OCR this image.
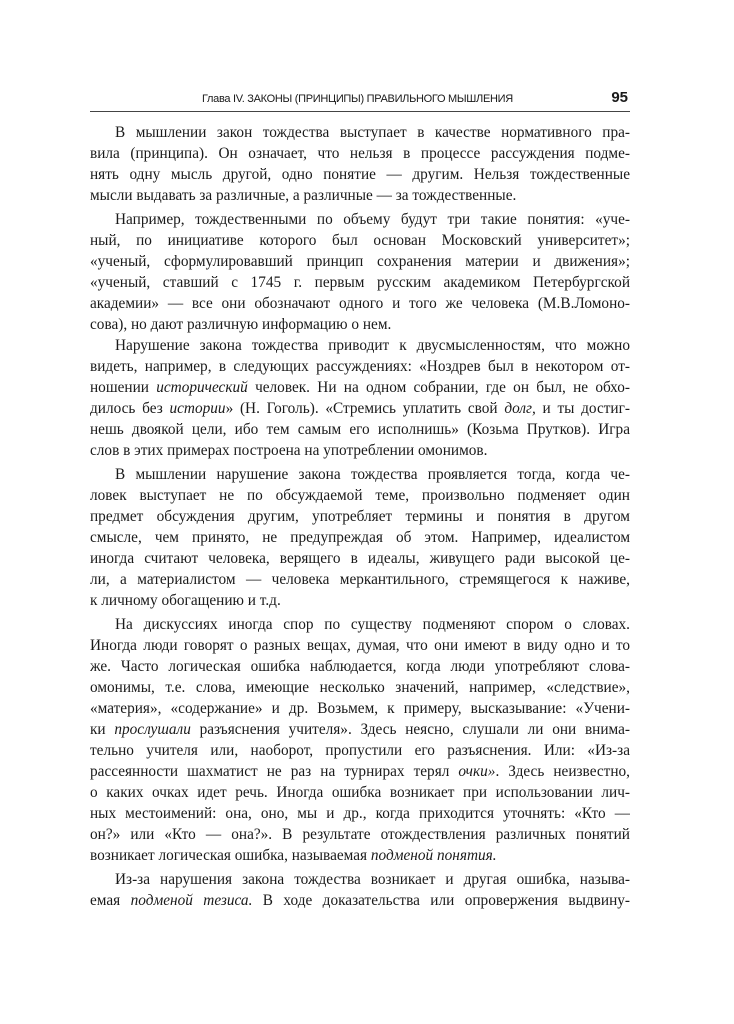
Глава IV. ЗАКОНЫ (ПРИНЦИПЫ) ПРАВИЛЬНОГО МЫШЛЕНИЯ	95
В мышлении закон тождества выступает в качестве нормативного пра-
вила (принципа). Он означает, что нельзя в процессе рассуждения подме-
нять одну мысль другой, одно понятие — другим. Нельзя тождественные
мысли выдавать за различные, а различные — за тождественные.
Например, тождественными по объему будут три такие понятия: «уче-
ный, по инициативе которого был основан Московский университет»;
«ученый, сформулировавший принцип сохранения материи и движения»;
«ученый, ставший с 1745 г. первым русским академиком Петербургской
академии» — все они обозначают одного и того же человека (М.В.Ломоно-
сова), но дают различную информацию о нем.
Нарушение закона тождества приводит к двусмысленностям, что можно
видеть, например, в следующих рассуждениях: «Ноздрев был в некотором от-
ношении исторический человек. Ни на одном собрании, где он был, не обхо-
дилось без истории» (Н. Гоголь). «Стремись уплатить свой долг, и ты достиг-
нешь двоякой цели, ибо тем самым его исполнишь» (Козьма Прутков). Игра
слов в этих примерах построена на употреблении омонимов.
В мышлении нарушение закона тождества проявляется тогда, когда че-
ловек выступает не по обсуждаемой теме, произвольно подменяет один
предмет обсуждения другим, употребляет термины и понятия в другом
смысле, чем принято, не предупреждая об этом. Например, идеалистом
иногда считают человека, верящего в идеалы, живущего ради высокой це-
ли, а материалистом — человека меркантильного, стремящегося к наживе,
к личному обогащению и т.д.
На дискуссиях иногда спор по существу подменяют спором о словах.
Иногда люди говорят о разных вещах, думая, что они имеют в виду одно и то
же. Часто логическая ошибка наблюдается, когда люди употребляют слова-
омонимы, т.е. слова, имеющие несколько значений, например, «следствие»,
«материя», «содержание» и др. Возьмем, к примеру, высказывание: «Учени-
ки прослушали разъяснения учителя». Здесь неясно, слушали ли они внима-
тельно учителя или, наоборот, пропустили его разъяснения. Или: «Из-за
рассеянности шахматист не раз на турнирах терял очки». Здесь неизвестно,
о каких очках идет речь. Иногда ошибка возникает при использовании лич-
ных местоимений: она, оно, мы и др., когда приходится уточнять: «Кто —
он?» или «Кто — она?». В результате отождествления различных понятий
возникает логическая ошибка, называемая подменой понятия.
Из-за нарушения закона тождества возникает и другая ошибка, называ-
емая подменой тезиса. В ходе доказательства или опровержения выдвину-
